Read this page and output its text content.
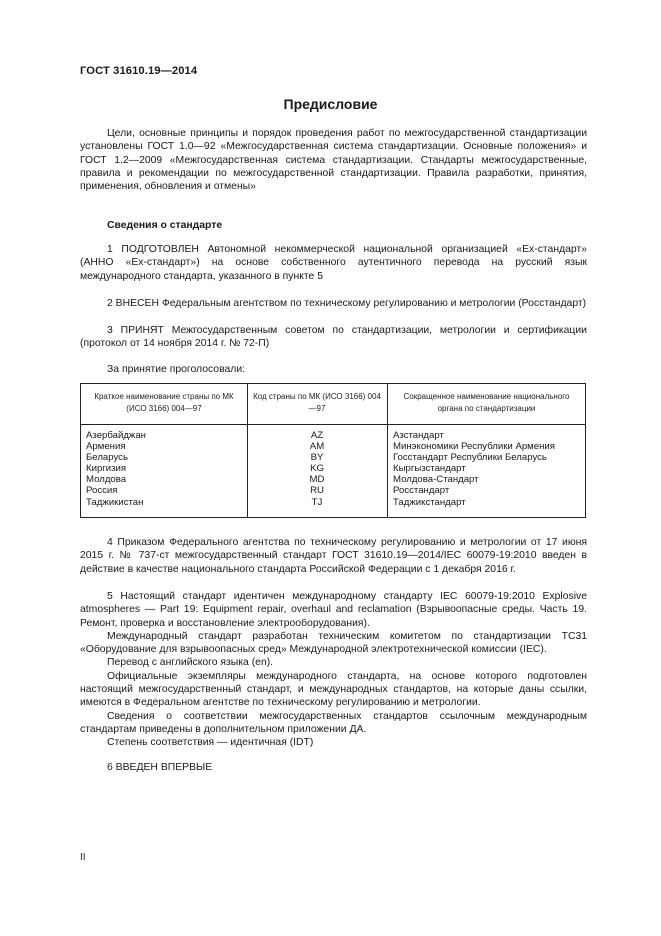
ГОСТ 31610.19—2014
Предисловие

Цели, основные принципы и порядок проведения работ по межгосударственной стандартизации установлены ГОСТ 1.0—92 «Межгосударственная система стандартизации. Основные положения» и ГОСТ 1.2—2009 «Межгосударственная система стандартизации. Стандарты межгосударственные, правила и рекомендации по межгосударственной стандартизации. Правила разработки, принятия, применения, обновления и отмены»

Сведения о стандарте

1 ПОДГОТОВЛЕН Автономной некоммерческой национальной организацией «Ех-стандарт» (АННО «Ех-стандарт») на основе собственного аутентичного перевода на русский язык международного стандарта, указанного в пункте 5

2 ВНЕСЕН Федеральным агентством по техническому регулированию и метрологии (Росстандарт)

3 ПРИНЯТ Межгосударственным советом по стандартизации, метрологии и сертификации (протокол от 14 ноября 2014 г. № 72-П)

За принятие проголосовали:
Краткое наименование страны по МК (ИСО 3166) 004—97
Код страны по МК (ИСО 3166) 004—97
Сокращенное наименование национального органа по стандартизации
Азербайджан
Армения
Беларусь
Киргизия
Молдова
Россия
Таджикистан
AZ
AM
BY
KG
MD
RU
TJ
Азстандарт
Минэкономики Республики Армения
Госстандарт Республики Беларусь
Кыргызстандарт
Молдова-Стандарт
Росстандарт
Таджикстандарт

4 Приказом Федерального агентства по техническому регулированию и метрологии от 17 июня 2015 г. № 737-ст межгосударственный стандарт ГОСТ 31610.19—2014/IEC 60079-19:2010 введен в действие в качестве национального стандарта Российской Федерации с 1 декабря 2016 г.

5 Настоящий стандарт идентичен международному стандарту IEC 60079-19:2010 Explosive atmospheres — Part 19: Equipment repair, overhaul and reclamation (Взрывоопасные среды. Часть 19. Ремонт, проверка и восстановление электрооборудования).

Международный стандарт разработан техническим комитетом по стандартизации ТС31 «Оборудование для взрывоопасных сред» Международной электротехнической комиссии (IEC).

Перевод с английского языка (en).

Официальные экземпляры международного стандарта, на основе которого подготовлен настоящий межгосударственный стандарт, и международных стандартов, на которые даны ссылки, имеются в Федеральном агентстве по техническому регулированию и метрологии.

Сведения о соответствии межгосударственных стандартов ссылочным международным стандартам приведены в дополнительном приложении ДА.

Степень соответствия — идентичная (IDT)

6 ВВЕДЕН ВПЕРВЫЕ
II
